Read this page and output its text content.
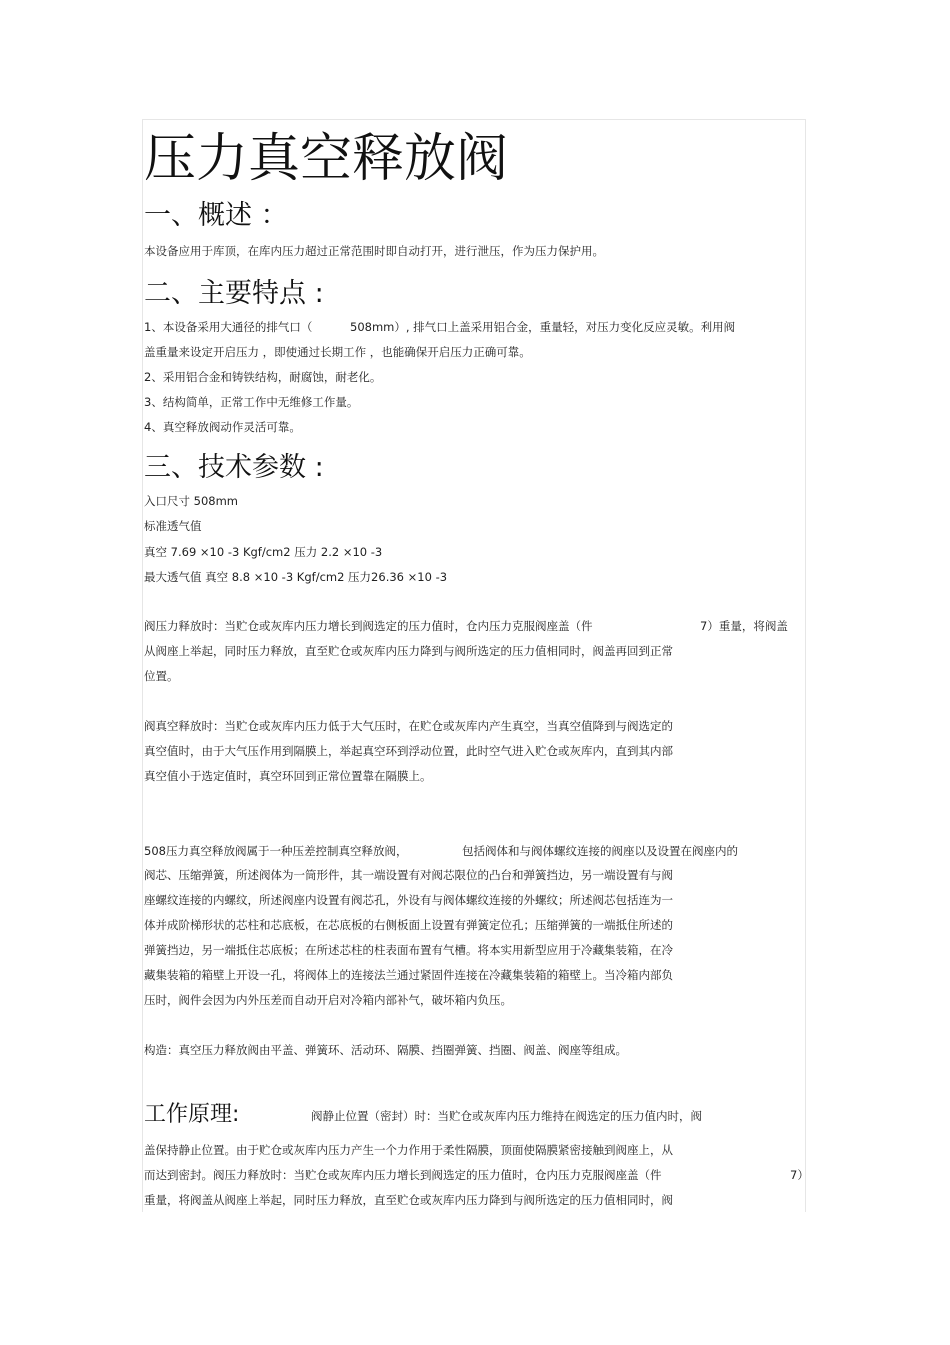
压力真空释放阀
一、概述 ：
本设备应用于库顶，在库内压力超过正常范围时即自动打开，进行泄压，作为压力保护用。
二、主要特点 :
1、本设备采用大通径的排气口（	508mm）, 排气口上盖采用铝合金，重量轻，对压力变化反应灵敏。利用阀
盖重量来设定开启压力 ，即使通过长期工作 ，也能确保开启压力正确可靠。
2、采用铝合金和铸铁结构，耐腐蚀，耐老化。
3、结构简单，正常工作中无维修工作量。
4、真空释放阀动作灵活可靠。
三、技术参数 :
入口尺寸 508mm
标准透气值
真空 7.69 ×10 -3 Kgf/cm2 压力 2.2 ×10 -3
最大透气值 真空 8.8 ×10 -3 Kgf/cm2 压力26.36 ×10 -3
阀压力释放时：当贮仓或灰库内压力增长到阀选定的压力值时，仓内压力克服阀座盖（件	7）重量，将阀盖
从阀座上举起，同时压力释放，直至贮仓或灰库内压力降到与阀所选定的压力值相同时，阀盖再回到正常
位置。
阀真空释放时：当贮仓或灰库内压力低于大气压时，在贮仓或灰库内产生真空，当真空值降到与阀选定的
真空值时，由于大气压作用到隔膜上，举起真空环到浮动位置，此时空气进入贮仓或灰库内，直到其内部
真空值小于选定值时，真空环回到正常位置靠在隔膜上。
508压力真空释放阀属于一种压差控制真空释放阀，	包括阀体和与阀体螺纹连接的阀座以及设置在阀座内的
阀芯、压缩弹簧，所述阀体为一筒形件，其一端设置有对阀芯限位的凸台和弹簧挡边，另一端设置有与阀
座螺纹连接的内螺纹，所述阀座内设置有阀芯孔，外设有与阀体螺纹连接的外螺纹；所述阀芯包括连为一
体并成阶梯形状的芯柱和芯底板，在芯底板的右侧板面上设置有弹簧定位孔；压缩弹簧的一端抵住所述的
弹簧挡边，另一端抵住芯底板；在所述芯柱的柱表面布置有气槽。将本实用新型应用于冷藏集装箱，在冷
藏集装箱的箱壁上开设一孔，将阀体上的连接法兰通过紧固件连接在冷藏集装箱的箱壁上。当冷箱内部负
压时，阀件会因为内外压差而自动开启对冷箱内部补气，破坏箱内负压。
构造：真空压力释放阀由平盖、弹簧环、活动环、隔膜、挡圈弹簧、挡圈、阀盖、阀座等组成。
工作原理:	阀静止位置（密封）时：当贮仓或灰库内压力维持在阀选定的压力值内时，阀
盖保持静止位置。由于贮仓或灰库内压力产生一个力作用于柔性隔膜，顶面使隔膜紧密接触到阀座上，从
而达到密封。阀压力释放时：当贮仓或灰库内压力增长到阀选定的压力值时，仓内压力克服阀座盖（件	7）
重量，将阀盖从阀座上举起，同时压力释放，直至贮仓或灰库内压力降到与阀所选定的压力值相同时，阀
